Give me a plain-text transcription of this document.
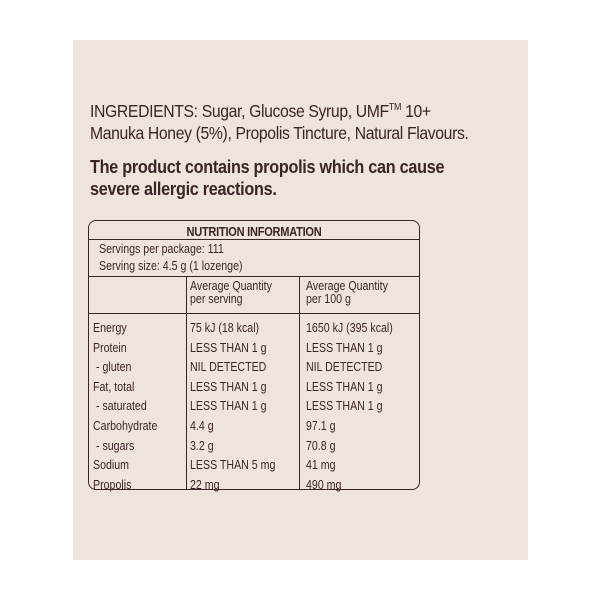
INGREDIENTS: Sugar, Glucose Syrup, UMF™ 10+
Manuka Honey (5%), Propolis Tincture, Natural Flavours.
The product contains propolis which can cause
severe allergic reactions.
NUTRITION INFORMATION
Servings per package: 111
Serving size: 4.5 g (1 lozenge)
Average Quantity
per serving
Average Quantity
per 100 g
Energy	75 kJ (18 kcal)	1650 kJ (395 kcal)
Protein	LESS THAN 1 g	LESS THAN 1 g
- gluten	NIL DETECTED	NIL DETECTED
Fat, total	LESS THAN 1 g	LESS THAN 1 g
- saturated	LESS THAN 1 g	LESS THAN 1 g
Carbohydrate	4.4 g	97.1 g
- sugars	3.2 g	70.8 g
Sodium	LESS THAN 5 mg 41 mg
Propolis	22 mg	490 mg
